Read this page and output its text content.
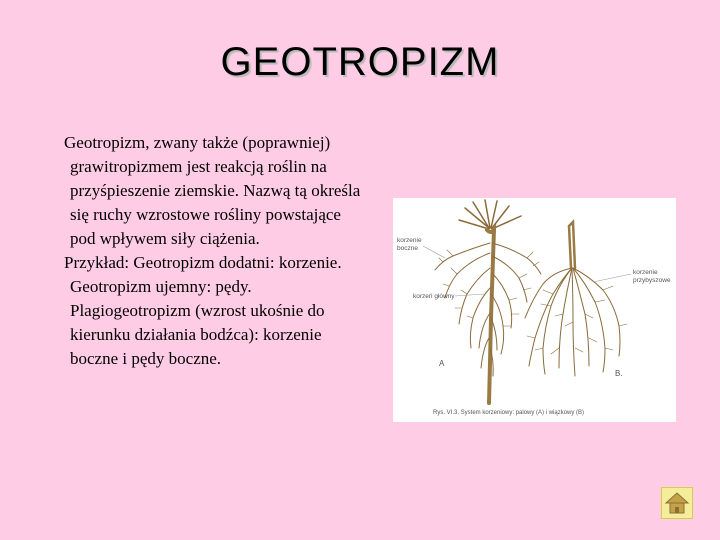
GEOTROPIZM

Geotropizm, zwany także (poprawniej) grawitropizmem jest reakcją roślin na przyśpieszenie ziemskie. Nazwą tą określa się ruchy wzrostowe rośliny powstające pod wpływem siły ciążenia.

Przykład: Geotropizm dodatni: korzenie. Geotropizm ujemny: pędy. Plagiogeotropizm (wzrost ukośnie do kierunku działania bodźca): korzenie boczne i pędy boczne.

korzenie
boczne
korzeń główny
korzenie
przybyszowe
A
B.
Rys. VI.3. System korzeniowy: palowy (A) i wiązkowy (B)
